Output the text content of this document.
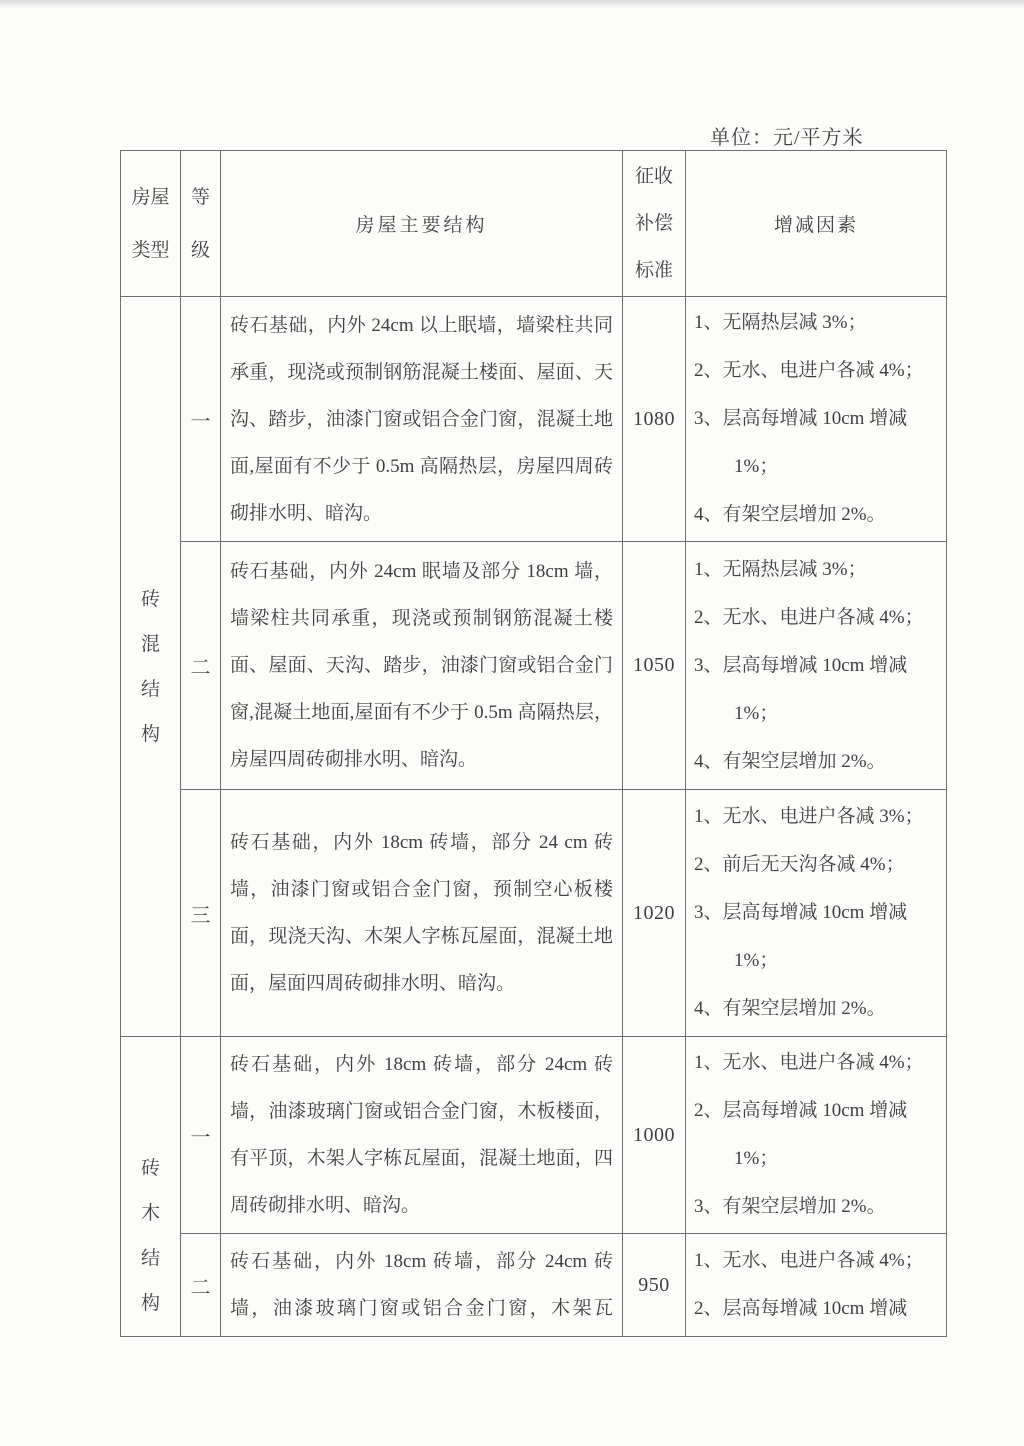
单位：元/平方米
房屋类型	等级	房屋主要结构	征收补偿标准	增减因素

砖混结构	一	砖石基础，内外 24cm 以上眠墙，墙梁柱共同承重，现浇或预制钢筋混凝土楼面、屋面、天沟、踏步，油漆门窗或铝合金门窗，混凝土地面,屋面有不少于 0.5m 高隔热层，房屋四周砖砌排水明、暗沟。	1080	1、无隔热层减 3%；
2、无水、电进户各减 4%；
3、层高每增减 10cm 增减 1%；
4、有架空层增加 2%。

	二	砖石基础，内外 24cm 眠墙及部分 18cm 墙，墙梁柱共同承重，现浇或预制钢筋混凝土楼面、屋面、天沟、踏步，油漆门窗或铝合金门窗,混凝土地面,屋面有不少于 0.5m 高隔热层，房屋四周砖砌排水明、暗沟。	1050	1、无隔热层减 3%；
2、无水、电进户各减 4%；
3、层高每增减 10cm 增减 1%；
4、有架空层增加 2%。

	三	砖石基础，内外 18cm 砖墙，部分 24 cm 砖墙，油漆门窗或铝合金门窗，预制空心板楼面，现浇天沟、木架人字栋瓦屋面，混凝土地面，屋面四周砖砌排水明、暗沟。	1020	1、无水、电进户各减 3%；
2、前后无天沟各减 4%；
3、层高每增减 10cm 增减 1%；
4、有架空层增加 2%。

砖木结构	一	砖石基础，内外 18cm 砖墙，部分 24cm 砖墙，油漆玻璃门窗或铝合金门窗，木板楼面，有平顶，木架人字栋瓦屋面，混凝土地面，四周砖砌排水明、暗沟。	1000	1、无水、电进户各减 4%；
2、层高每增减 10cm 增减 1%；
3、有架空层增加 2%。

	二	砖石基础，内外 18cm 砖墙，部分 24cm 砖墙，油漆玻璃门窗或铝合金门窗，木架瓦	950	1、无水、电进户各减 4%；
2、层高每增减 10cm 增减
